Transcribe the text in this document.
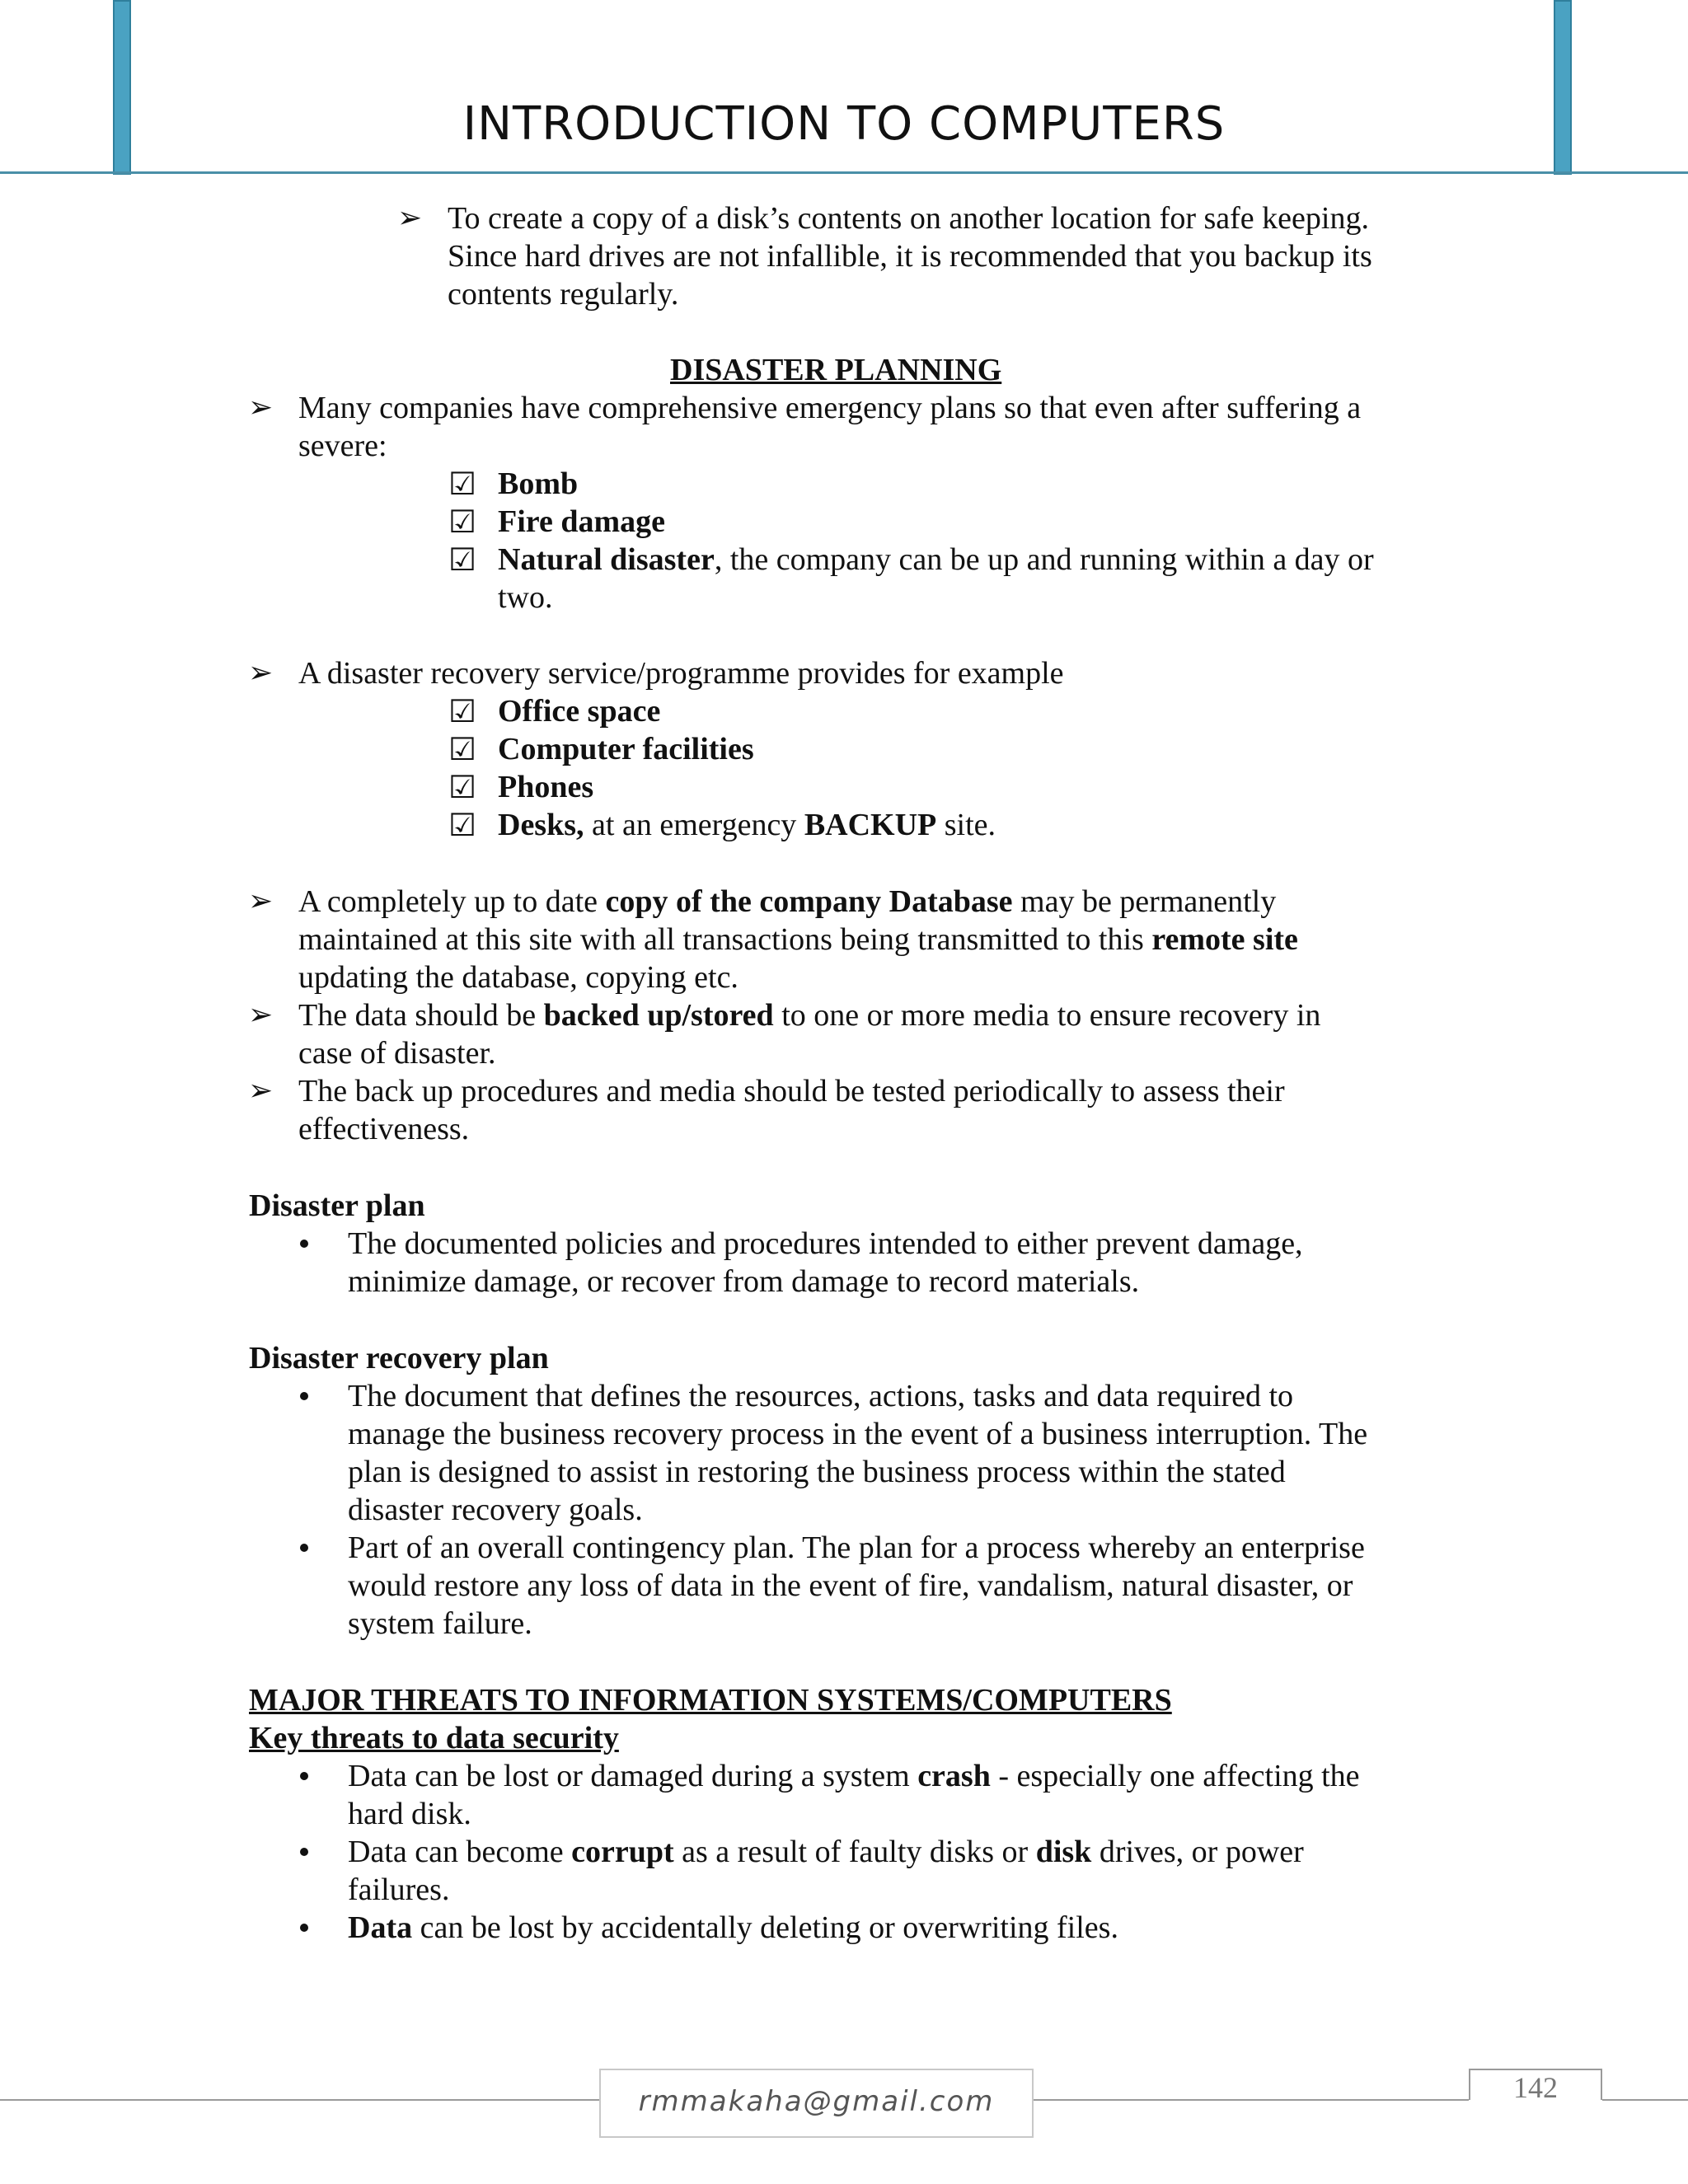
INTRODUCTION TO COMPUTERS
➢ To create a copy of a disk’s contents on another location for safe keeping.
Since hard drives are not infallible, it is recommended that you backup its
contents regularly.
DISASTER PLANNING
➢ Many companies have comprehensive emergency plans so that even after suffering a
severe:
☑ Bomb
☑ Fire damage
☑ Natural disaster, the company can be up and running within a day or
two.
➢ A disaster recovery service/programme provides for example
☑ Office space
☑ Computer facilities
☑ Phones
☑ Desks, at an emergency BACKUP site.
➢ A completely up to date copy of the company Database may be permanently
maintained at this site with all transactions being transmitted to this remote site
updating the database, copying etc.
➢ The data should be backed up/stored to one or more media to ensure recovery in
case of disaster.
➢ The back up procedures and media should be tested periodically to assess their
effectiveness.
Disaster plan
The documented policies and procedures intended to either prevent damage,
minimize damage, or recover from damage to record materials.
Disaster recovery plan
The document that defines the resources, actions, tasks and data required to
manage the business recovery process in the event of a business interruption. The
plan is designed to assist in restoring the business process within the stated
disaster recovery goals.
Part of an overall contingency plan. The plan for a process whereby an enterprise
would restore any loss of data in the event of fire, vandalism, natural disaster, or
system failure.
MAJOR THREATS TO INFORMATION SYSTEMS/COMPUTERS
Key threats to data security
Data can be lost or damaged during a system crash - especially one affecting the
hard disk.
Data can become corrupt as a result of faulty disks or disk drives, or power
failures.
Data can be lost by accidentally deleting or overwriting files.
rmmakaha@gmail.com	142
